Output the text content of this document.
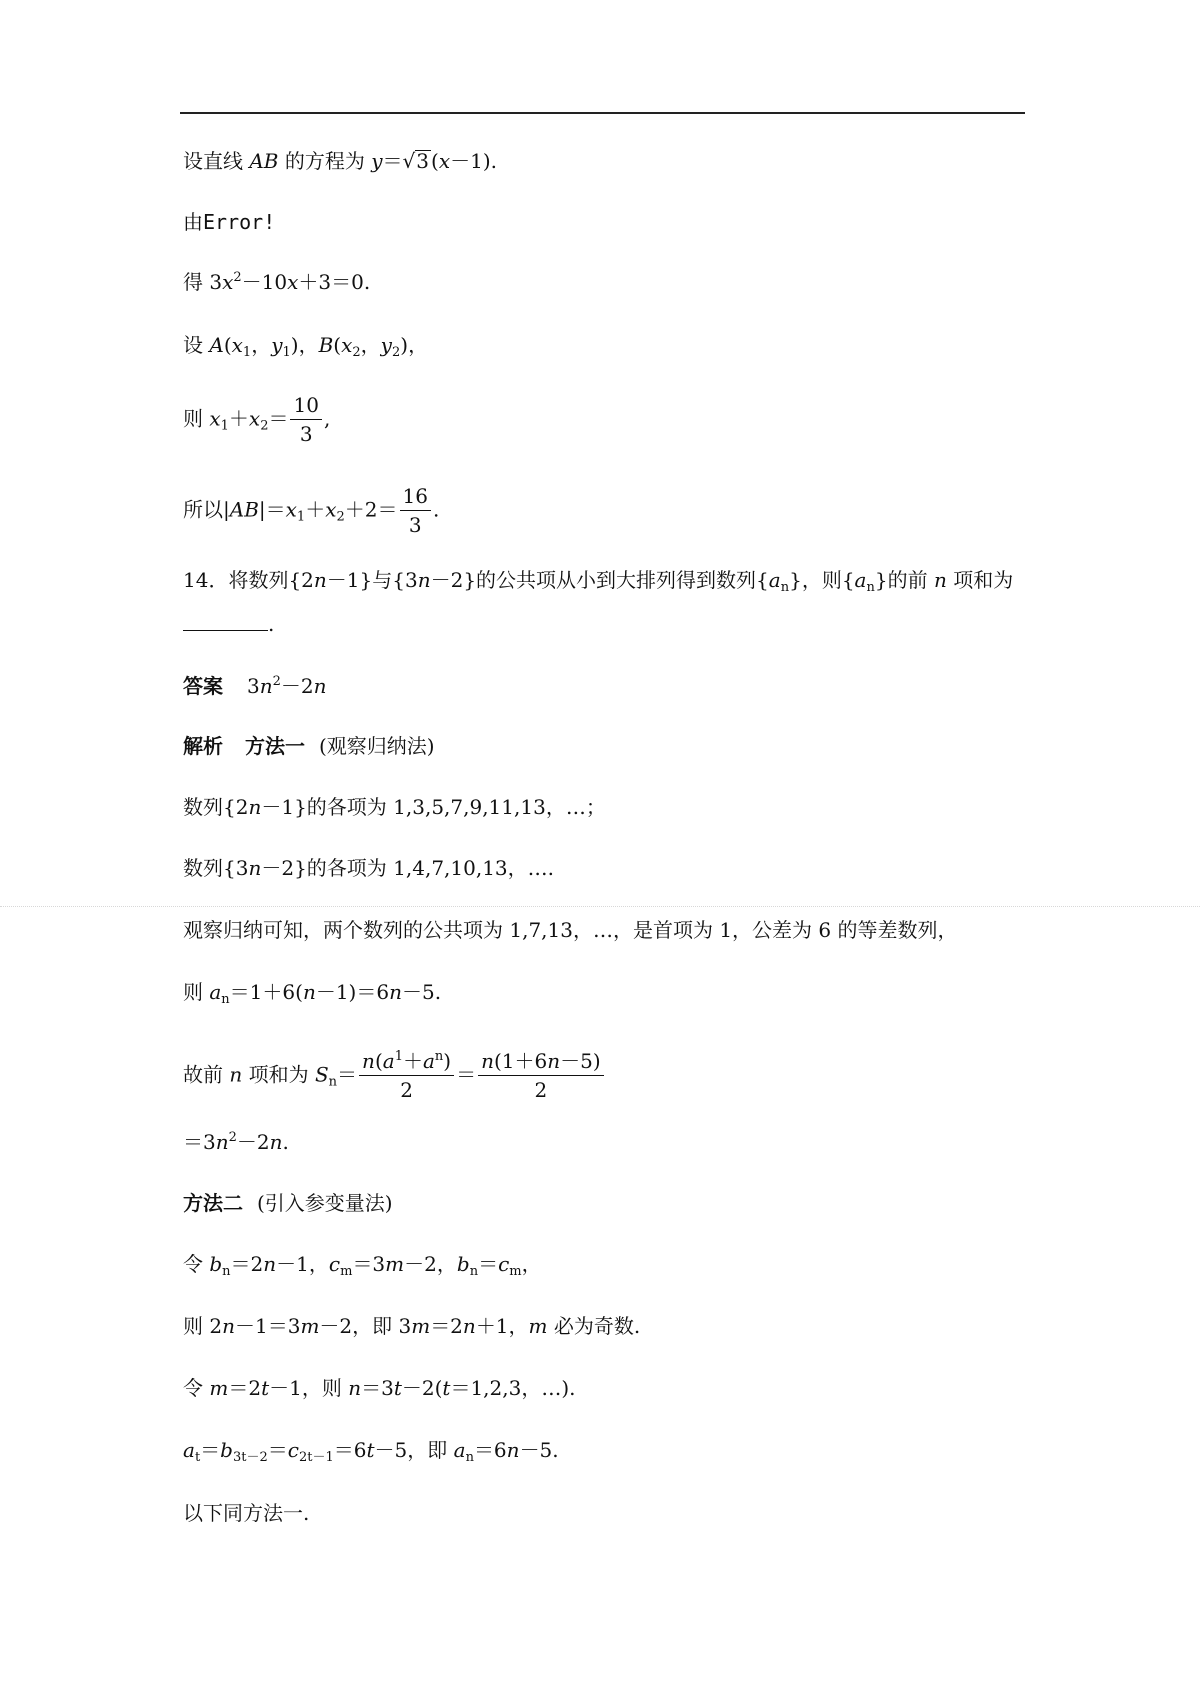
设直线 AB 的方程为 y＝√3 (x－1).
由Error!
得 $3x^2-10x+3=0$.
设 $A(x_1$，$y_1$)，$B(x_2$，$y_2$)，
则 $x_1+x_2= \frac{10}{3}$ ,
所以$|AB|=x_1+x_2+2= \frac{16}{3}$ .
14．将数列{2n－1}与{3n－2}的公共项从小到大排列得到数列$\{a_n\}$，则$\{a_n\}$的前 n 项和为
.
答案 $3n^2-2n$
解析 方法一 (观察归纳法)
数列{2n－1}的各项为 1,3,5,7,9,11,13，…；
数列{3n－2}的各项为 1,4,7,10,13，….
观察归纳可知，两个数列的公共项为 1,7,13，…，是首项为 1，公差为 6 的等差数列，
则 $a_n=1+6(n-1)=6n-5$.
故前 n 项和为 $S_n= \frac{n(a^1+a^n)}{2} = \frac{n(1+6n-5)}{2}$
$=3n^2-2n$.
方法二 (引入参变量法)
令 $b_n=2n-1$，$c_m=3m-2$，$b_n=c_m$，
则 2n－1＝3m－2，即 3m＝2n＋1，m 必为奇数.
令 m＝2t－1，则 n＝3t－2(t＝1,2,3，…).
$a_t=b_{3t-2}=c_{2t-1}=6t-5$，即 $a_n=6n-5$.
以下同方法一.
